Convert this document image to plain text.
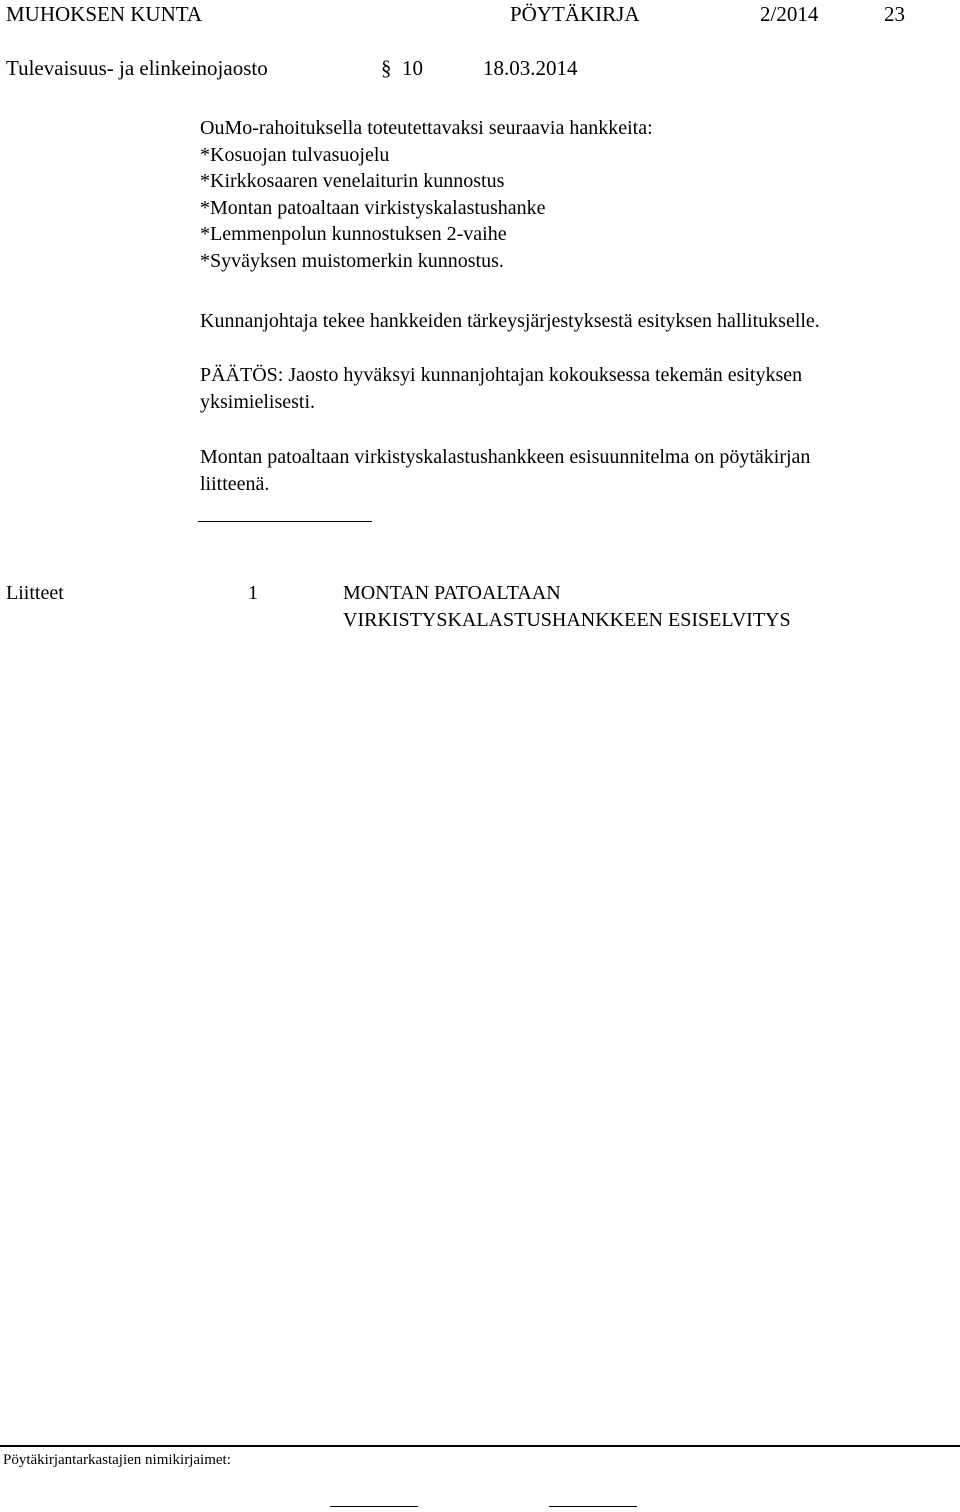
MUHOKSEN KUNTA	PÖYTÄKIRJA	2/2014	23
Tulevaisuus- ja elinkeinojaosto	§ 10	18.03.2014

OuMo-rahoituksella toteutettavaksi seuraavia hankkeita:

*Kosuojan tulvasuojelu

*Kirkkosaaren venelaiturin kunnostus

*Montan patoaltaan virkistyskalastushanke

*Lemmenpolun kunnostuksen 2-vaihe

*Syväyksen muistomerkin kunnostus.

Kunnanjohtaja tekee hankkeiden tärkeysjärjestyksestä esityksen hallitukselle.

PÄÄTÖS: Jaosto hyväksyi kunnanjohtajan kokouksessa tekemän esityksen

yksimielisesti.

Montan patoaltaan virkistyskalastushankkeen esisuunnitelma on pöytäkirjan

liitteenä.

Liitteet	1	MONTAN PATOALTAAN
VIRKISTYSKALASTUSHANKKEEN ESISELVITYS
Pöytäkirjantarkastajien nimikirjaimet:
